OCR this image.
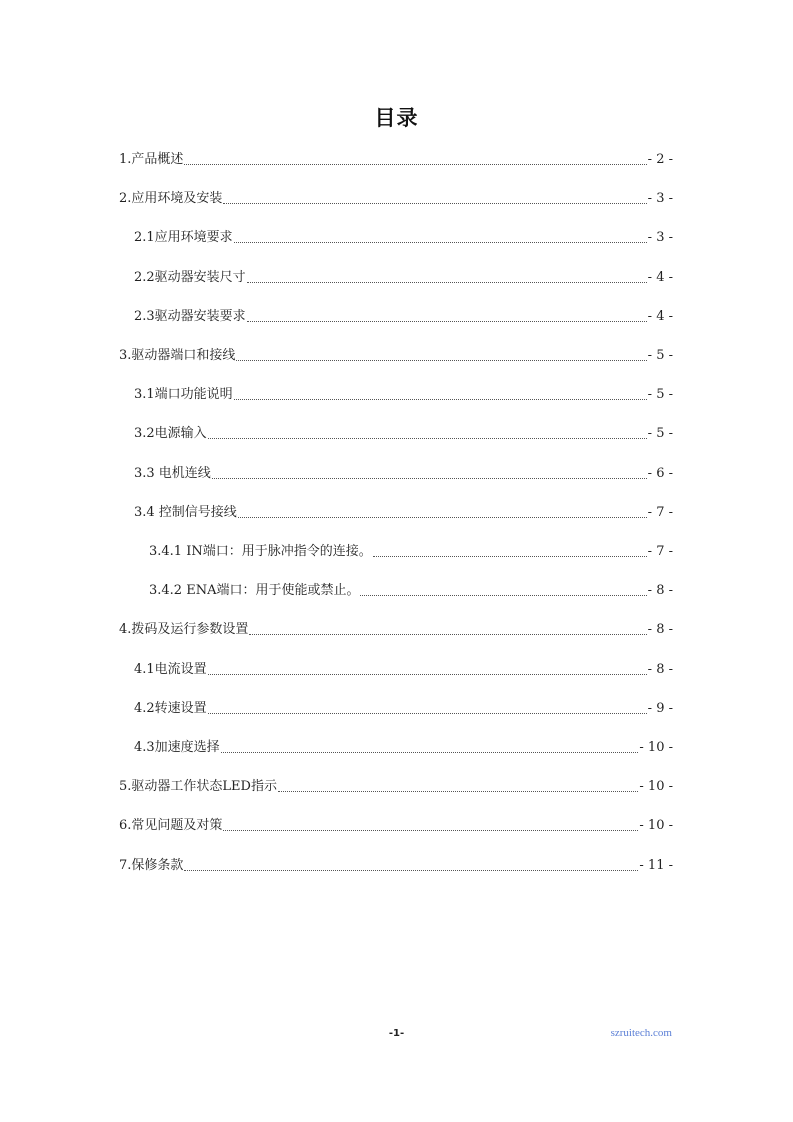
目录
1.产品概述	- 2 -
2.应用环境及安装	- 3 -
2.1应用环境要求	- 3 -
2.2驱动器安装尺寸	- 4 -
2.3驱动器安装要求	- 4 -
3.驱动器端口和接线	- 5 -
3.1端口功能说明	- 5 -
3.2电源输入	- 5 -
3.3 电机连线	- 6 -
3.4 控制信号接线	- 7 -
3.4.1 IN端口：用于脉冲指令的连接。	- 7 -
3.4.2 ENA端口：用于使能或禁止。	- 8 -
4.拨码及运行参数设置	- 8 -
4.1电流设置	- 8 -
4.2转速设置	- 9 -
4.3加速度选择	- 10 -
5.驱动器工作状态LED指示	- 10 -
6.常见问题及对策	- 10 -
7.保修条款	- 11 -
-1-	szruitech.com
